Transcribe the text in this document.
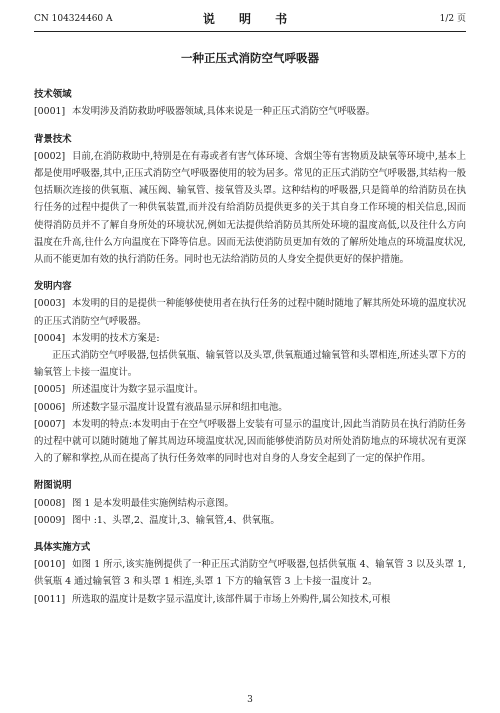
CN 104324460 A	说 明 书	1/2 页
一种正压式消防空气呼吸器
技术领域

[0001] 本发明涉及消防救助呼吸器领域,具体来说是一种正压式消防空气呼吸器。

背景技术

[0002] 目前,在消防救助中,特别是在有毒或者有害气体环境、含烟尘等有害物质及缺氧等环境中,基本上都是使用呼吸器,其中,正压式消防空气呼吸器使用的较为居多。常见的正压式消防空气呼吸器,其结构一般包括顺次连接的供氧瓶、减压阀、输氧管、接氧管及头罩。这种结构的呼吸器,只是简单的给消防员在执行任务的过程中提供了一种供氧装置,而并没有给消防员提供更多的关于其自身工作环境的相关信息,因而使得消防员并不了解自身所处的环境状况,例如无法提供给消防员其所处环境的温度高低,以及往什么方向温度在升高,往什么方向温度在下降等信息。因而无法使消防员更加有效的了解所处地点的环境温度状况,从而不能更加有效的执行消防任务。同时也无法给消防员的人身安全提供更好的保护措施。

发明内容

[0003] 本发明的目的是提供一种能够使使用者在执行任务的过程中随时随地了解其所处环境的温度状况的正压式消防空气呼吸器。

[0004] 本发明的技术方案是:

正压式消防空气呼吸器,包括供氧瓶、输氧管以及头罩,供氧瓶通过输氧管和头罩相连,所述头罩下方的输氧管上卡接一温度计。

[0005] 所述温度计为数字显示温度计。

[0006] 所述数字显示温度计设置有液晶显示屏和纽扣电池。

[0007] 本发明的特点:本发明由于在空气呼吸器上安装有可显示的温度计,因此当消防员在执行消防任务的过程中就可以随时随地了解其周边环境温度状况,因而能够使消防员对所处消防地点的环境状况有更深入的了解和掌控,从而在提高了执行任务效率的同时也对自身的人身安全起到了一定的保护作用。

附图说明

[0008] 图 1 是本发明最佳实施例结构示意图。

[0009] 图中 :1、头罩,2、温度计,3、输氧管,4、供氧瓶。

具体实施方式

[0010] 如图 1 所示,该实施例提供了一种正压式消防空气呼吸器,包括供氧瓶 4、输氧管 3 以及头罩 1,供氧瓶 4 通过输氧管 3 和头罩 1 相连,头罩 1 下方的输氧管 3 上卡接一温度计 2。

[0011] 所选取的温度计是数字显示温度计,该部件属于市场上外购件,属公知技术,可根

3
